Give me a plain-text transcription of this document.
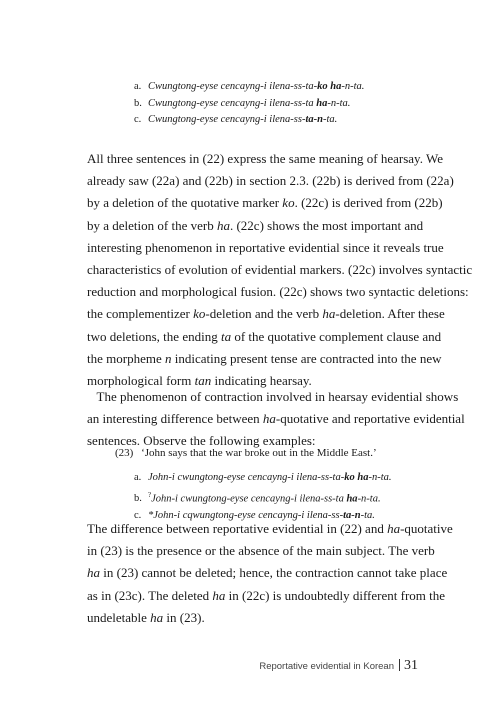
a. Cwungtong-eyse cencayng-i ilena-ss-ta-ko ha-n-ta.
b. Cwungtong-eyse cencayng-i ilena-ss-ta ha-n-ta.
c. Cwungtong-eyse cencayng-i ilena-ss-ta-n-ta.
All three sentences in (22) express the same meaning of hearsay. We
already saw (22a) and (22b) in section 2.3. (22b) is derived from (22a)
by a deletion of the quotative marker ko. (22c) is derived from (22b)
by a deletion of the verb ha. (22c) shows the most important and
interesting phenomenon in reportative evidential since it reveals true
characteristics of evolution of evidential markers. (22c) involves syntactic
reduction and morphological fusion. (22c) shows two syntactic deletions:
the complementizer ko-deletion and the verb ha-deletion. After these
two deletions, the ending ta of the quotative complement clause and
the morpheme n indicating present tense are contracted into the new
morphological form tan indicating hearsay.
The phenomenon of contraction involved in hearsay evidential shows
an interesting difference between ha-quotative and reportative evidential
sentences. Observe the following examples:
(23) ‘John says that the war broke out in the Middle East.’
a. John-i cwungtong-eyse cencayng-i ilena-ss-ta-ko ha-n-ta.
b. ?John-i cwungtong-eyse cencayng-i ilena-ss-ta ha-n-ta.
c. *John-i cqwungtong-eyse cencayng-i ilena-ss-ta-n-ta.
The difference between reportative evidential in (22) and ha-quotative
in (23) is the presence or the absence of the main subject. The verb
ha in (23) cannot be deleted; hence, the contraction cannot take place
as in (23c). The deleted ha in (22c) is undoubtedly different from the
undeletable ha in (23).
Reportative evidential in Korean 31
